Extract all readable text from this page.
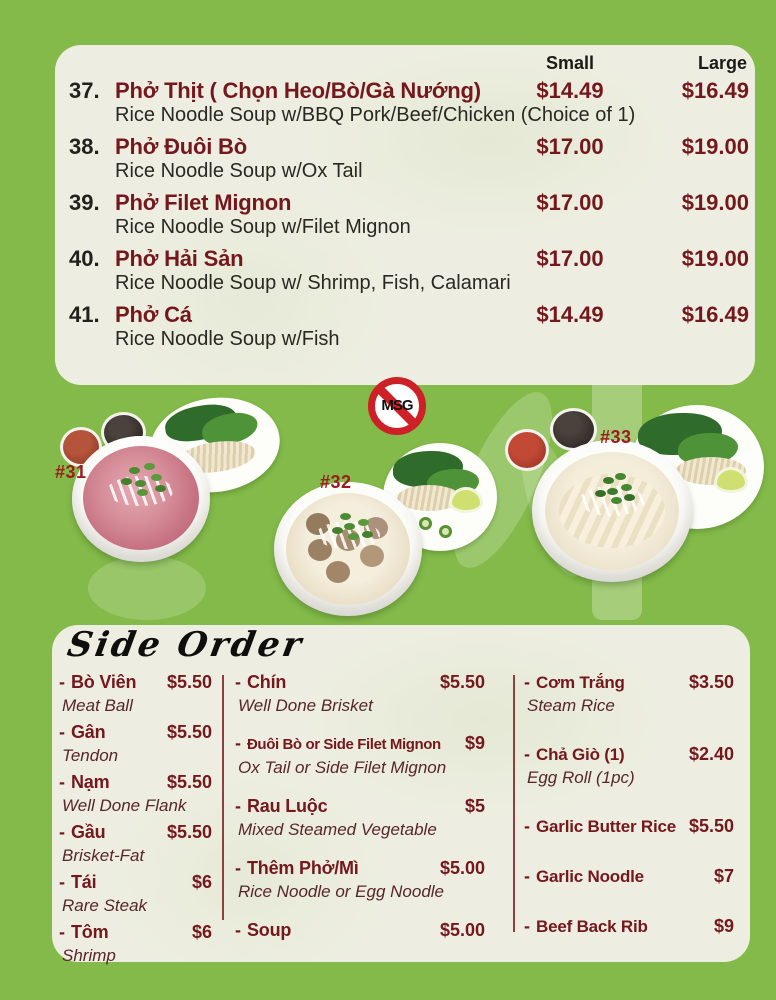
Small	Large
37. Phở Thịt ( Chọn Heo/Bò/Gà Nướng)	$14.49	$16.49
Rice Noodle Soup w/BBQ Pork/Beef/Chicken (Choice of 1)
38. Phở Đuôi Bò	$17.00	$19.00
Rice Noodle Soup w/Ox Tail
39. Phở Filet Mignon	$17.00	$19.00
Rice Noodle Soup w/Filet Mignon
40. Phở Hải Sản	$17.00	$19.00
Rice Noodle Soup w/ Shrimp, Fish, Calamari
41. Phở Cá	$14.49	$16.49
Rice Noodle Soup w/Fish
#31	#32
#33
MSG
Side Order
- Bò Viên $5.50
Meat Ball
- Gân	$5.50
Tendon
- Nạm	$5.50
Well Done Flank
- Gầu	$5.50
Brisket-Fat
- Tái	$6
Rare Steak
- Tôm	$6
Shrimp
- Chín	$5.50
Well Done Brisket
- Đuôi Bò or Side Filet Mignon $9
Ox Tail or Side Filet Mignon
- Rau Luộc	$5
Mixed Steamed Vegetable
- Thêm Phở/Mì	$5.00
Rice Noodle or Egg Noodle
- Soup	$5.00
- Cơm Trắng	$3.50
Steam Rice
- Chả Giò (1)	$2.40
Egg Roll (1pc)
- Garlic Butter Rice $5.50
- Garlic Noodle	$7
- Beef Back Rib	$9
